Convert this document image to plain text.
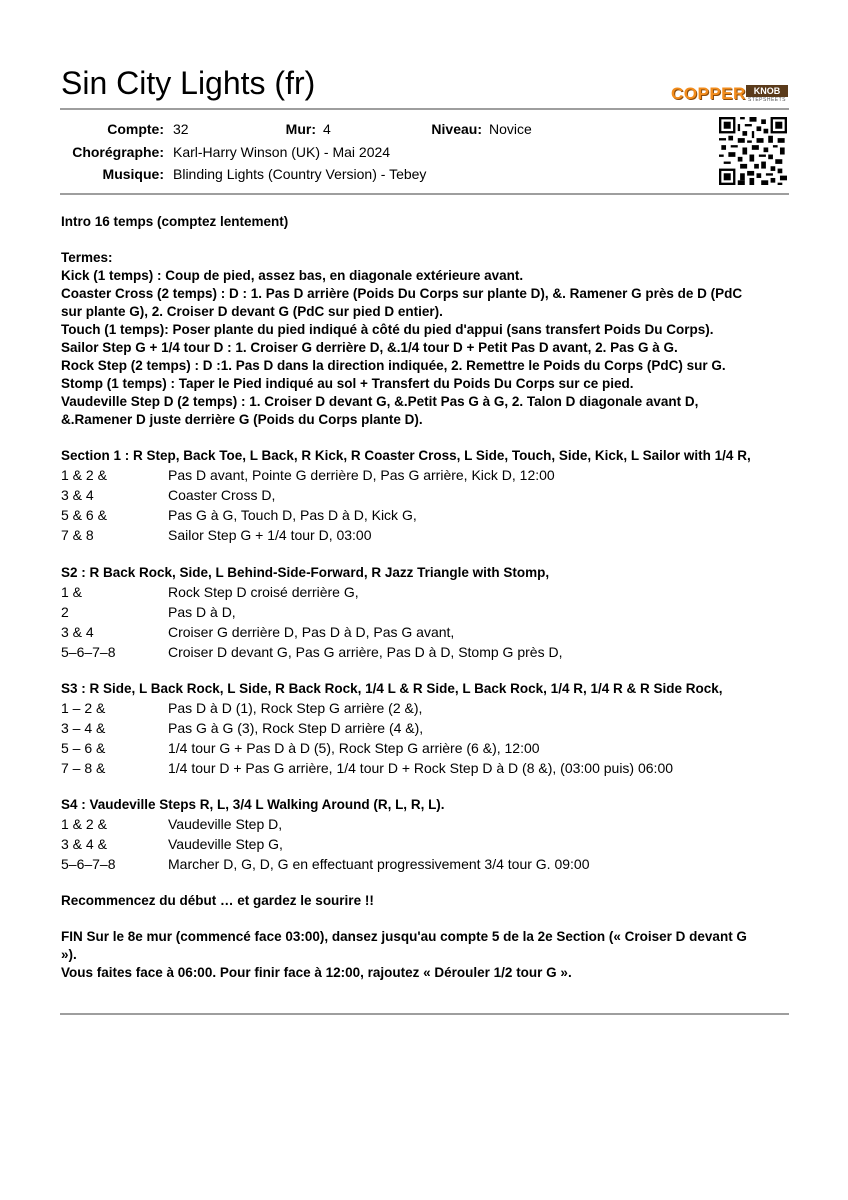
Sin City Lights (fr)	COPPER KNOB
STEPSHEETS
Compte: 32	Mur: 4	Niveau: Novice
Chorégraphe: Karl-Harry Winson (UK) - Mai 2024
Musique: Blinding Lights (Country Version) - Tebey
Intro 16 temps (comptez lentement)
Termes:
Kick (1 temps) : Coup de pied, assez bas, en diagonale extérieure avant.
Coaster Cross (2 temps) : D : 1. Pas D arrière (Poids Du Corps sur plante D), &. Ramener G près de D (PdC
sur plante G), 2. Croiser D devant G (PdC sur pied D entier).
Touch (1 temps): Poser plante du pied indiqué à côté du pied d'appui (sans transfert Poids Du Corps).
Sailor Step G + 1/4 tour D : 1. Croiser G derrière D, &.1/4 tour D + Petit Pas D avant, 2. Pas G à G.
Rock Step (2 temps) : D :1. Pas D dans la direction indiquée, 2. Remettre le Poids du Corps (PdC) sur G.
Stomp (1 temps) : Taper le Pied indiqué au sol + Transfert du Poids Du Corps sur ce pied.
Vaudeville Step D (2 temps) : 1. Croiser D devant G, &.Petit Pas G à G, 2. Talon D diagonale avant D,
&.Ramener D juste derrière G (Poids du Corps plante D).
Section 1 : R Step, Back Toe, L Back, R Kick, R Coaster Cross, L Side, Touch, Side, Kick, L Sailor with 1/4 R,
1 & 2 &	Pas D avant, Pointe G derrière D, Pas G arrière, Kick D, 12:00
3 & 4	Coaster Cross D,
5 & 6 &	Pas G à G, Touch D, Pas D à D, Kick G,
7 & 8	Sailor Step G + 1/4 tour D, 03:00
S2 : R Back Rock, Side, L Behind-Side-Forward, R Jazz Triangle with Stomp,
1 &	Rock Step D croisé derrière G,
2	Pas D à D,
3 & 4	Croiser G derrière D, Pas D à D, Pas G avant,
5–6–7–8	Croiser D devant G, Pas G arrière, Pas D à D, Stomp G près D,
S3 : R Side, L Back Rock, L Side, R Back Rock, 1/4 L & R Side, L Back Rock, 1/4 R, 1/4 R & R Side Rock,
1 – 2 &	Pas D à D (1), Rock Step G arrière (2 &),
3 – 4 &	Pas G à G (3), Rock Step D arrière (4 &),
5 – 6 &	1/4 tour G + Pas D à D (5), Rock Step G arrière (6 &), 12:00
7 – 8 &	1/4 tour D + Pas G arrière, 1/4 tour D + Rock Step D à D (8 &), (03:00 puis) 06:00
S4 : Vaudeville Steps R, L, 3/4 L Walking Around (R, L, R, L).
1 & 2 &	Vaudeville Step D,
3 & 4 &	Vaudeville Step G,
5–6–7–8	Marcher D, G, D, G en effectuant progressivement 3/4 tour G. 09:00
Recommencez du début … et gardez le sourire !!
FIN Sur le 8e mur (commencé face 03:00), dansez jusqu'au compte 5 de la 2e Section (« Croiser D devant G
»).
Vous faites face à 06:00. Pour finir face à 12:00, rajoutez « Dérouler 1/2 tour G ».
